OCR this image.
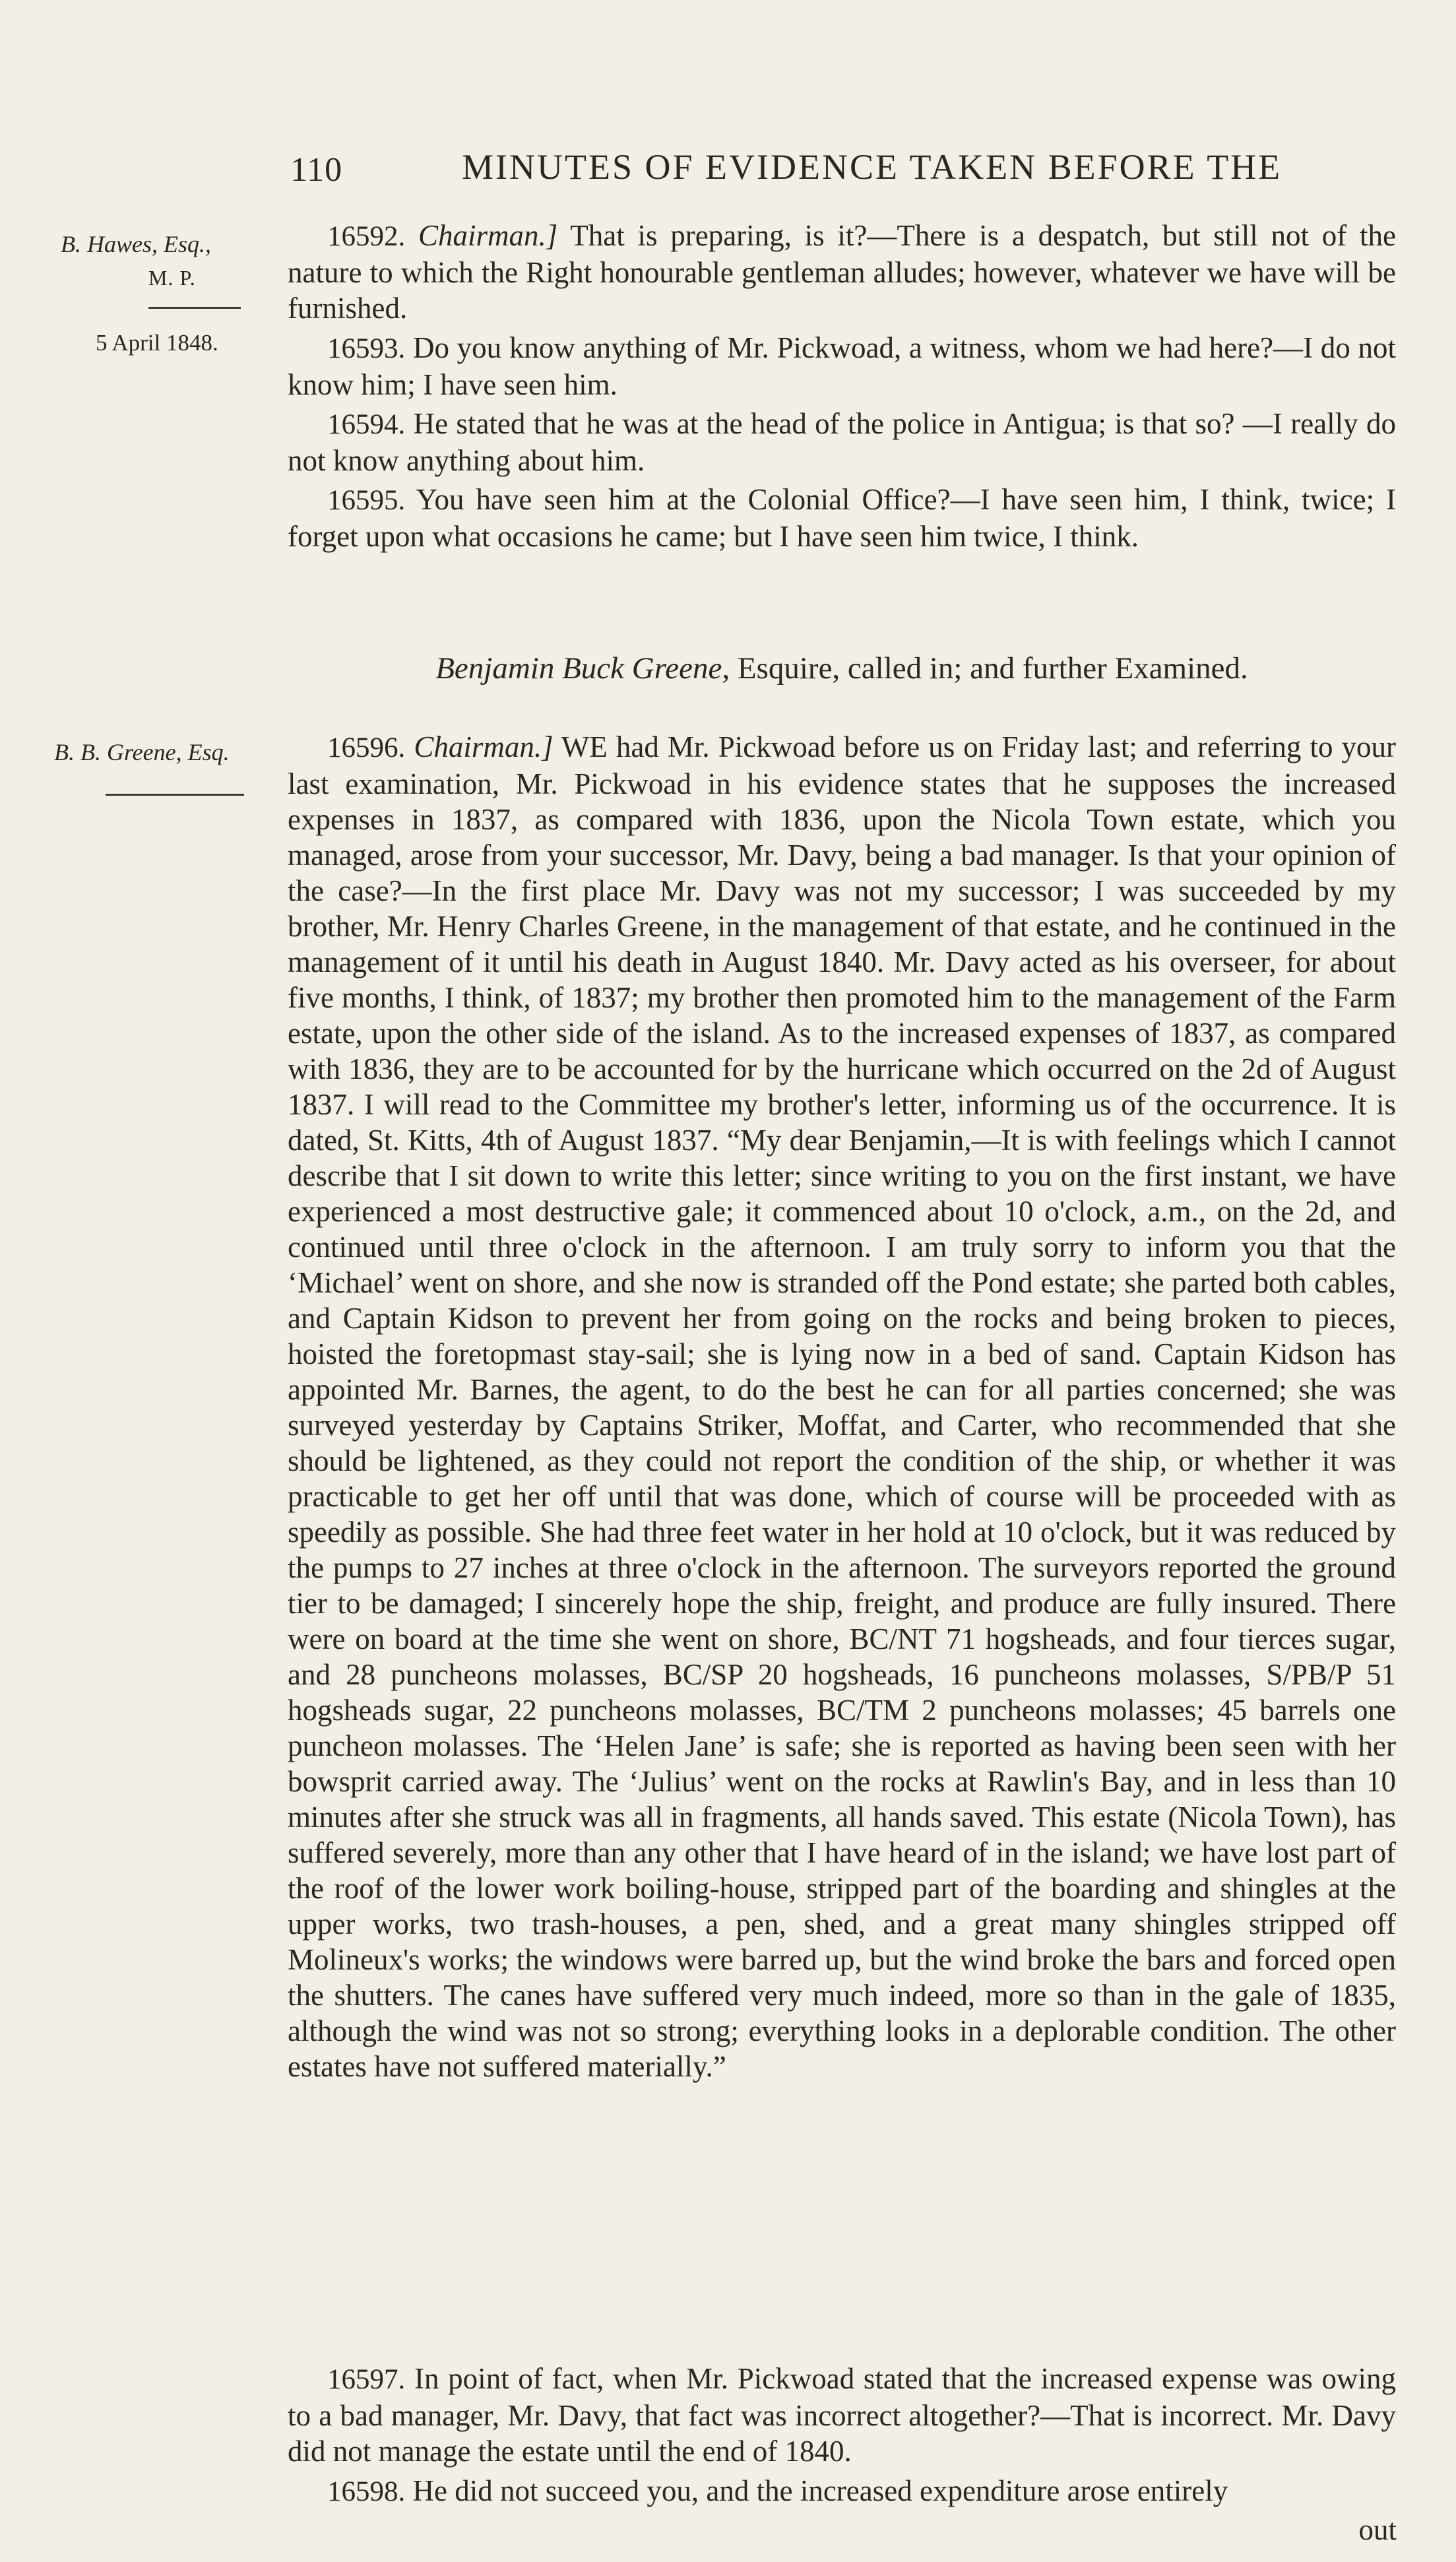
110	MINUTES OF EVIDENCE TAKEN BEFORE THE
B. Hawes, Esq.,
M. P.
5 April 1848.
B. B. Greene, Esq.

16592. Chairman.] That is preparing, is it?—There is a despatch, but still not of the nature to which the Right honourable gentleman alludes; however, whatever we have will be furnished.

16593. Do you know anything of Mr. Pickwoad, a witness, whom we had here?—I do not know him; I have seen him.

16594. He stated that he was at the head of the police in Antigua; is that so? —I really do not know anything about him.

16595. You have seen him at the Colonial Office?—I have seen him, I think, twice; I forget upon what occasions he came; but I have seen him twice, I think.

Benjamin Buck Greene, Esquire, called in; and further Examined.

16596. Chairman.] WE had Mr. Pickwoad before us on Friday last; and referring to your last examination, Mr. Pickwoad in his evidence states that he supposes the increased expenses in 1837, as compared with 1836, upon the Nicola Town estate, which you managed, arose from your successor, Mr. Davy, being a bad manager. Is that your opinion of the case?—In the first place Mr. Davy was not my successor; I was succeeded by my brother, Mr. Henry Charles Greene, in the management of that estate, and he continued in the management of it until his death in August 1840. Mr. Davy acted as his overseer, for about five months, I think, of 1837; my brother then promoted him to the management of the Farm estate, upon the other side of the island. As to the increased expenses of 1837, as compared with 1836, they are to be accounted for by the hurricane which occurred on the 2d of August 1837. I will read to the Committee my brother's letter, informing us of the occurrence. It is dated, St. Kitts, 4th of August 1837. “My dear Benjamin,—It is with feelings which I cannot describe that I sit down to write this letter; since writing to you on the first instant, we have experienced a most destructive gale; it commenced about 10 o'clock, a.m., on the 2d, and continued until three o'clock in the afternoon. I am truly sorry to inform you that the ‘Michael’ went on shore, and she now is stranded off the Pond estate; she parted both cables, and Captain Kidson to prevent her from going on the rocks and being broken to pieces, hoisted the foretopmast stay-sail; she is lying now in a bed of sand. Captain Kidson has appointed Mr. Barnes, the agent, to do the best he can for all parties concerned; she was surveyed yesterday by Captains Striker, Moffat, and Carter, who recommended that she should be lightened, as they could not report the condition of the ship, or whether it was practicable to get her off until that was done, which of course will be proceeded with as speedily as possible. She had three feet water in her hold at 10 o'clock, but it was reduced by the pumps to 27 inches at three o'clock in the afternoon. The surveyors reported the ground tier to be damaged; I sincerely hope the ship, freight, and produce are fully insured. There were on board at the time she went on shore, BC/NT 71 hogsheads, and four tierces sugar, and 28 puncheons molasses, BC/SP 20 hogsheads, 16 puncheons molasses, S/PB/P 51 hogsheads sugar, 22 puncheons molasses, BC/TM 2 puncheons molasses; 45 barrels one puncheon molasses. The ‘Helen Jane’ is safe; she is reported as having been seen with her bowsprit carried away. The ‘Julius’ went on the rocks at Rawlin's Bay, and in less than 10 minutes after she struck was all in fragments, all hands saved. This estate (Nicola Town), has suffered severely, more than any other that I have heard of in the island; we have lost part of the roof of the lower work boiling-house, stripped part of the boarding and shingles at the upper works, two trash-houses, a pen, shed, and a great many shingles stripped off Molineux's works; the windows were barred up, but the wind broke the bars and forced open the shutters. The canes have suffered very much indeed, more so than in the gale of 1835, although the wind was not so strong; everything looks in a deplorable condition. The other estates have not suffered materially.”

16597. In point of fact, when Mr. Pickwoad stated that the increased expense was owing to a bad manager, Mr. Davy, that fact was incorrect altogether?—That is incorrect. Mr. Davy did not manage the estate until the end of 1840.

16598. He did not succeed you, and the increased expenditure arose entirely

out
